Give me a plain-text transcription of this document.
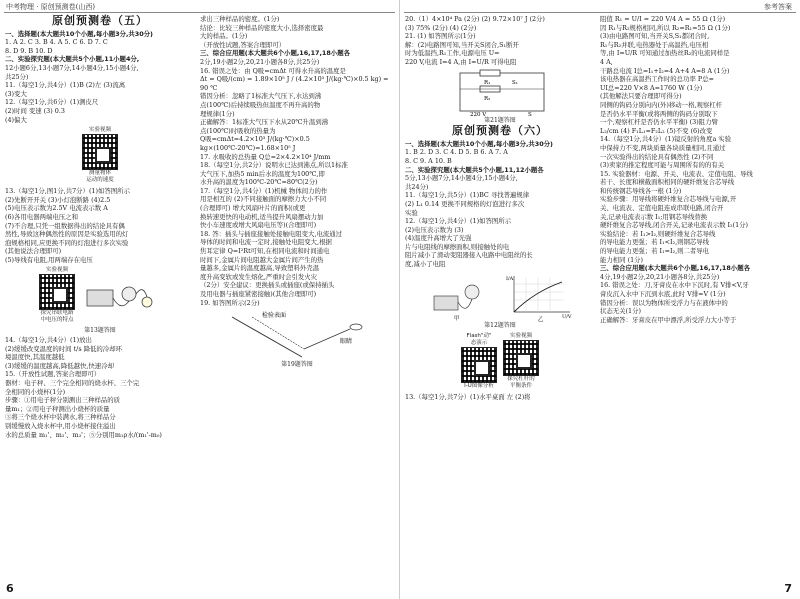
中考物理 · 原创预测卷(山西)
原创预测卷（五）
一、选择题(本大题共10个小题,每小题3分,共30分)
1. A 2. C 3. B 4. A 5. C 6. D 7. C
8. D 9. B 10. D
二、实验探究题(本大题共5个小题,11小题4分,
12小题6分,13小题7分,14小题4分,15小题4分,
共25分)
11.（每空1分,共4分）(1)B (2)左 (3)流离
(3)变大
12.（每空1分,共6分）(1)测皮尺
(2)时间 变速 (3) 0.3
(4)偏大
实验视频
测量物体
运动的速度
13.（每空1分,图1分,共7分）(1)如答图所示
(2)先断开开关 (3)小灯泡断路 (4)2.5
(5)电压表示数为2.5V 电流表示数 A
(6)各用电器两端电压之和
(7)不合理,只凭一组数据得出的结论具有偶
然性,导致这种偶然性的原因是实验选用的灯
泡规格相同,应更换不同的灯泡进行多次实验
(其他说法合理即可)
(5)导线有电阻,用两端存在电压
实验视频
探究串联电路
中电压的特点
第13题答图
14.（每空1分,共4分）(1)放出
(2)缓缓改变温度的时间 t/s 降低的冷却环
境温度快,其温度越低
(3)缓缓的温度越高,降低越快,快速冷却
15.（开放性试题,答案合理即可）
器材：电子秤、三个完全相同的烧水杯、三个完
全相同的小烧杯(1分)
步骤：①用电子秤分别测出三种样品的质
量m₁；②用电子秤测出小烧杯的质量
③将三个烧水杯中装满水,将三种样品分
别缓慢放入烧水杯中,用小烧杯接住溢出
水的总质量 m₁'、m₂'、m₃'；⑤分别用m₁ρ水/(m₁'-m₀)
求出三种样品的密度。(1分)
结论：比较三种样品的密度大小,选择密度最
大的样品。(1分)
（开放性试题,答案合理即可）
三、综合应用题(本大题共6个小题,16,17,18小题各
2分,19小题2分,20,21小题各8分,共25分)
16. 错误之处：由 Q吸=cmΔt 可得水升高的温度是
Δt = Q吸/(cm) = 1.89×10⁵ J / (4.2×10³ J/(kg·℃)×0.5 kg) = 90 ℃
错因分析：忽略了1标准大气压下,水达到沸
点(100℃)后持续吸热但温度不再升高的物
理规律(1分)
正确解答：1标准大气压下水从20℃升温到沸
点(100℃)时吸收的热量为
Q吸=cmΔt=4.2×10³ J/(kg·℃)×0.5 kg×(100℃-20℃)=1.68×10⁵ J
17. 水吸收的总热量 Q总=2×4.2×10⁴ J/mm
18.（每空1分,共2分）说明水已达到沸点,所以1标准
大气压下,加热5 min后水的温度为100℃,即
水升高的温度为100℃-20℃=80℃(2分)
17.（每空1分,共4分）(1)机械 物体间力的作
用是相互的 (2)不同接触面的摩擦力大小不同
(合理即可) 增大风扇叶片的面积(或更
换转速更快的电动机,适当提升风扇摆动力加
快小车速度或增大风扇电压等)(合理即可)
18. 答：插头与插座接触处接触电阻变大,电流通过
导体的时间和电流一定时,接触处电阻变大,根据
焦耳定律 Q=I²Rt可知,在相同电流和时间通电
时间下,金属片间电阻越大金属片间产生的热
量越多,金属片的温度越高,导致塑料外壳温
度升高变软或发生熔化,严重时会引发火灾
（2分）安全建议：更换插头或插座(或保持插头
及用电器与插座紧密接触)(其他合理即可)
19. 如答图所示(2分)
检验表面
眼睛
第19题答图
6
参考答案
20.（1）4×10⁴ Pa (2分) (2) 9.72×10⁷ J (2分)
(3) 75% (2分) (4) (2分)
21. (1) 如答图所示(1分)
解：(2)电路图可知,当开关S闭合,S₁断开
时为低温挡,R₁工作,电源电压 U=
220 V,电流 I=4 A,由 I=U/R 可得电阻
R₁	S₁
R₂
220 V	S
第21题答图
原创预测卷（六）
一、选择题(本大题共10个小题,每小题3分,共30分)
1. B 2. D 3. C 4. D 5. B 6. A 7. A
8. C 9. A 10. B
二、实验探究题(本大题共5个小题,11,12小题各
5分,13小题7分,14小题4分,15小题4分,
共24分)
11.（每空1分,共5分）(1)BC 寻找普遍规律
(2) L₁ 0.14 更换不同规格的灯泡进行多次
实验
12.（每空1分,共4分）(1)如答图所示
(2)电压表示数为 (3)
(4)温度升高增大了光强
片与电阻线的摩擦面积,则接触处的电
阻片减小了滑动变阻器接入电路中电阻丝的长
度,减小了电阻
甲
I/A
U/V
乙
第12题答图
Flash"动"
态演示
I-U图像分析
实验视频
探究杠杆的
平衡条件
13.（每空1分,共7分）(1)水平桌面 左 (2)将
阻值 R₁ = U/I = 220 V/4 A = 55 Ω (1分)
因 R₁与R₂规格相同,所以 R₂=R₁=55 Ω (1分)
(3)由电路图可知,当开关S,S₁都闭合时,
R₁与R₂并联,电热器处于高温挡,电压相
等,由 I=U/R 可知通过加热丝R₂的电流同样是
4 A,
干路总电流 I总=I₁+I₂=4 A+4 A=8 A (1分)
该电热器在高温挡工作时的总功率 P总=
UI总=220 V×8 A=1760 W (1分)
(其他解法只要合理即可得分)
同侧的钩码分别向内(外)移动一格,观察杠杆
是否仍水平平衡(或将两侧的钩码分别取下
一个,观察杠杆是否仍水平平衡) (3)阻力臂
L₂/cm (4) F₁L₁=F₂L₂ (5)不变 (6)改变
14.（每空1分,共4分）(1)镜反射的角度a 实验
中保持力不变,两块质量各块质量相同,且通过
一次实验得出的结论具有偶然性 (2)不同
(3)卖家的推定程度可能与周围所有的的有关
15. 实验器材：电源、开关、电流表、定值电阻、导线
若干、长度和横截面积相同的硬纤维复合芯导线
和传统钢芯导线各一根 (1分)
实验步骤：用导线将硬纤维复合芯导线与电源,开
关、电流表、定值电阻连成串联电路,闭合开
关,记录电流表示数 I₁;用钢芯导线替换
硬纤维复合芯导线,闭合开关,记录电流表示数 I₂(1分)
实验结论：若 I₁>I₂,则硬纤维复合芯导线
的导电能力更强；若 I₁<I₂,则钢芯导线
的导电能力更强；若 I₁=I₂,则二者导电
能力相同 (1分)
三、综合应用题(本大题共6个小题,16,17,18小题各
4分,19小题2分,20,21小题各8分,共25分)
16. 错误之处：刀,牙膏皮在水中下沉时,有 V排<V,牙
膏皮沉入水中下沉到水底,此时 V排=V (1分)
错因分析：误以为物体所受浮力与在液体中的
状态无关(1分)
正确解答：牙膏皮在甲中漂浮,所受浮力大小等于
7
